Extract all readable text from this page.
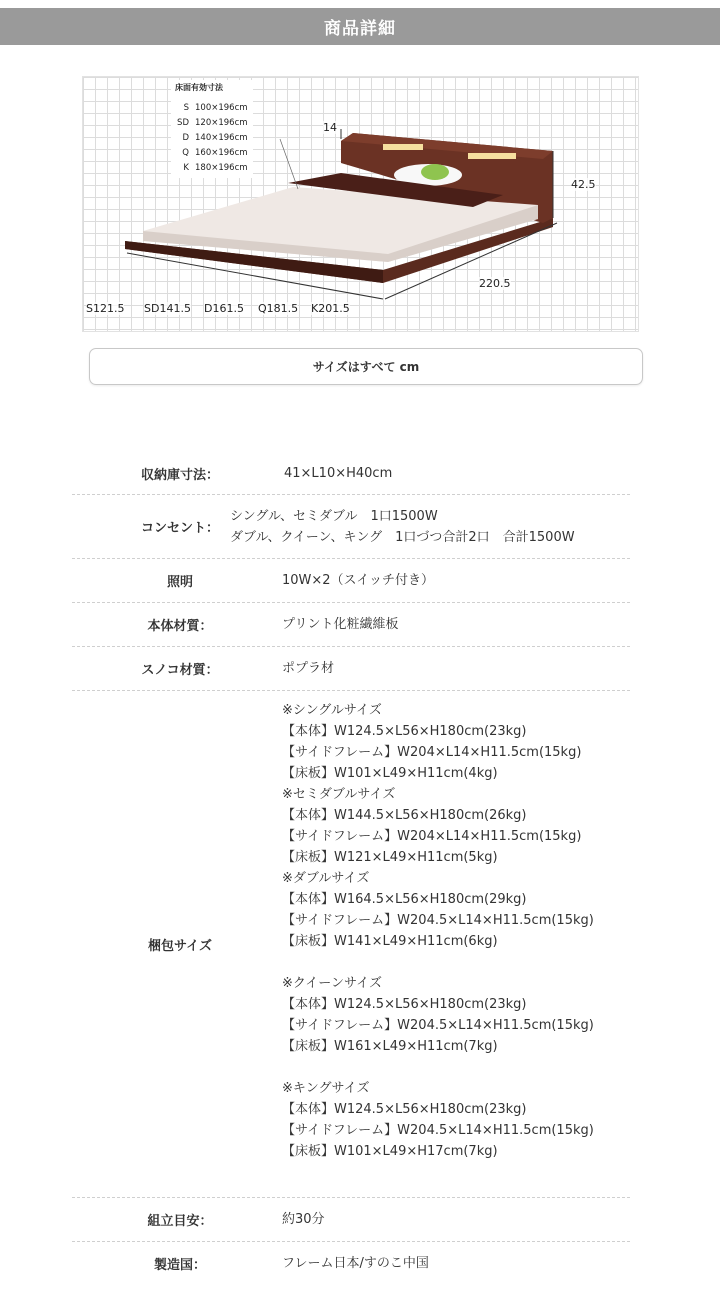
商品詳細
床面有効寸法
S 100×196cm
SD 120×196cm
D 140×196cm
Q 160×196cm
K 180×196cm
14
42.5
220.5
S121.5 SD141.5 D161.5 Q181.5 K201.5
サイズはすべて cm
収納庫寸法：	41×L10×H40cm
コンセント：
シングル、セミダブル　1口1500W
ダブル、クイーン、キング　1口づつ合計2口　合計1500W
照明	10W×2（スイッチ付き）
本体材質：	プリント化粧繊維板
スノコ材質：	ポプラ材
梱包サイズ
※シングルサイズ
【本体】W124.5×L56×H180cm(23kg)
【サイドフレーム】W204×L14×H11.5cm(15kg)
【床板】W101×L49×H11cm(4kg)
※セミダブルサイズ
【本体】W144.5×L56×H180cm(26kg)
【サイドフレーム】W204×L14×H11.5cm(15kg)
【床板】W121×L49×H11cm(5kg)
※ダブルサイズ
【本体】W164.5×L56×H180cm(29kg)
【サイドフレーム】W204.5×L14×H11.5cm(15kg)
【床板】W141×L49×H11cm(6kg)

※クイーンサイズ
【本体】W124.5×L56×H180cm(23kg)
【サイドフレーム】W204.5×L14×H11.5cm(15kg)
【床板】W161×L49×H11cm(7kg)

※キングサイズ
【本体】W124.5×L56×H180cm(23kg)
【サイドフレーム】W204.5×L14×H11.5cm(15kg)
【床板】W101×L49×H17cm(7kg)
組立目安：	約30分
製造国：	フレーム日本/すのこ中国
